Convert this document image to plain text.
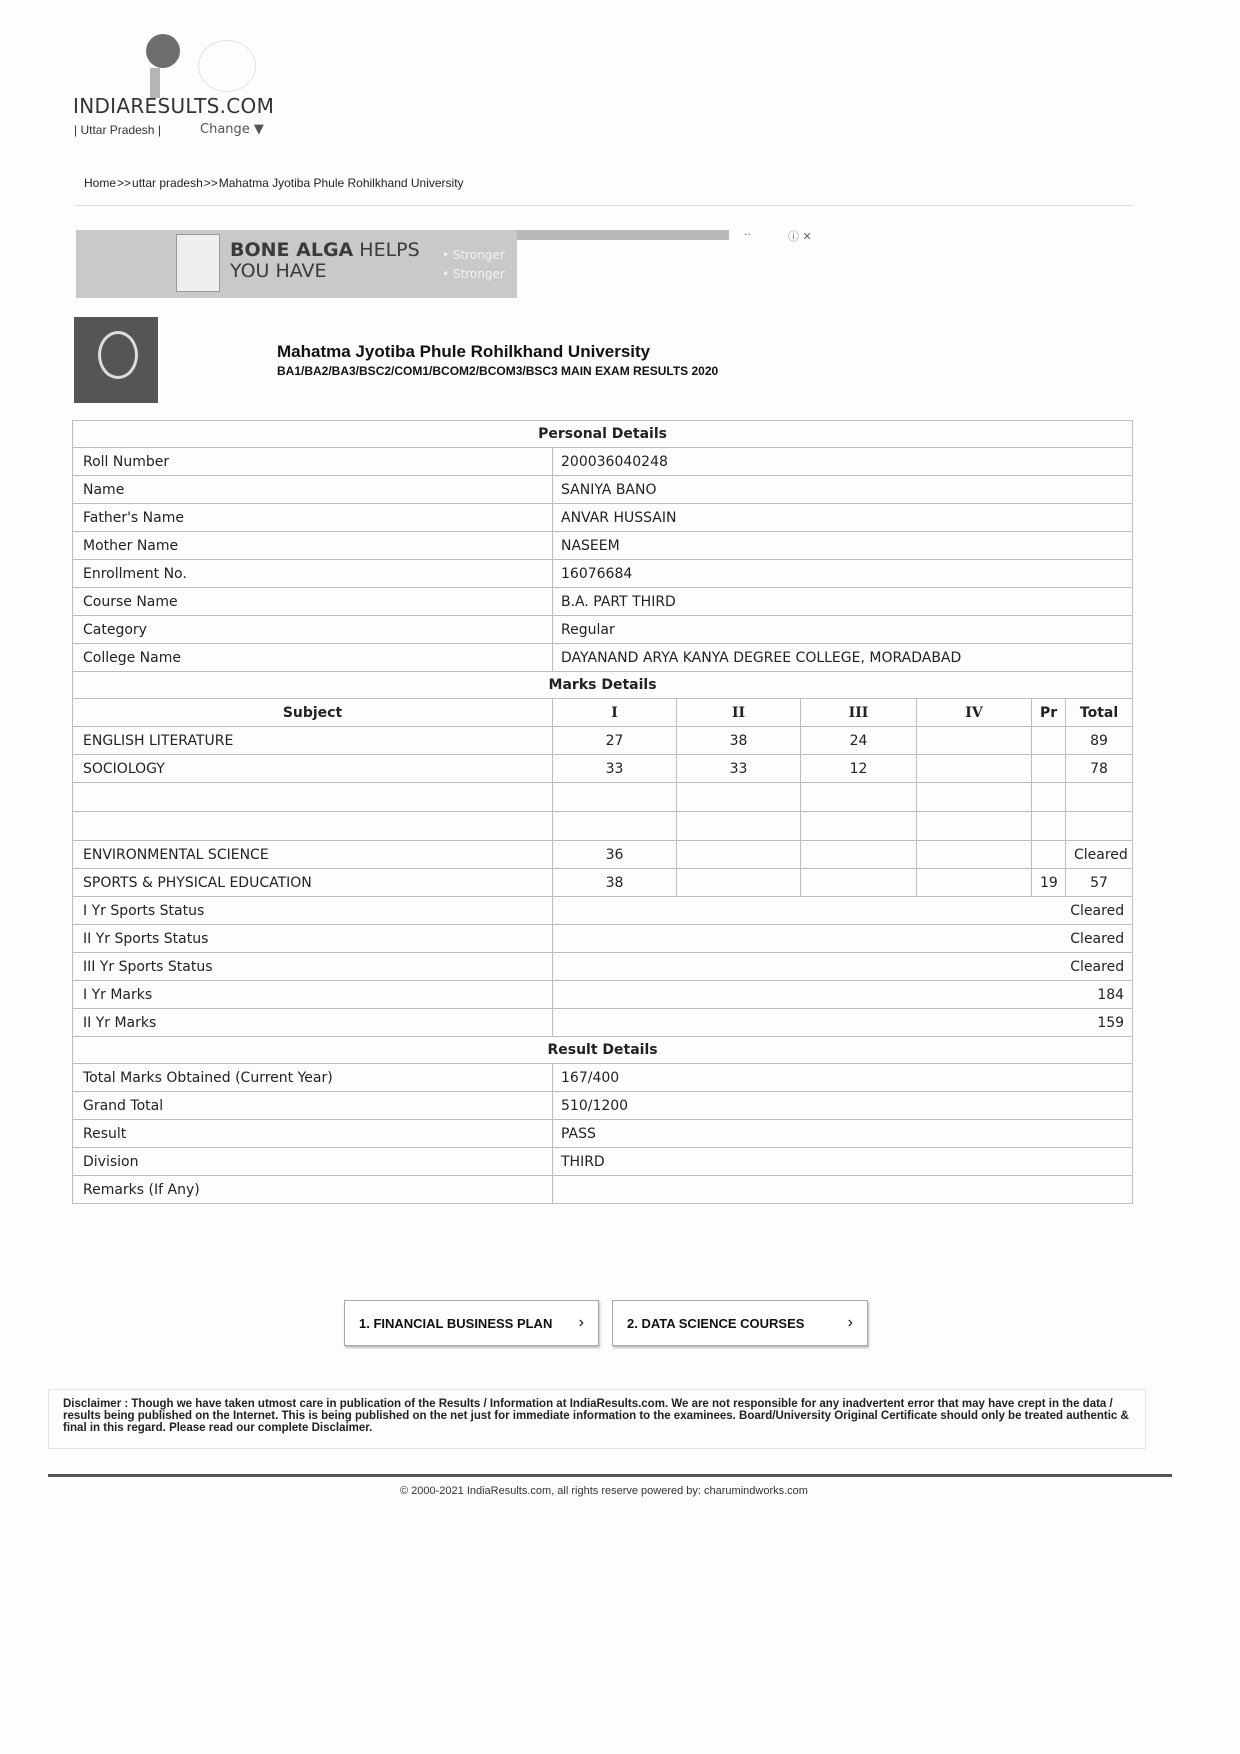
INDIARESULTS.COM
| Uttar Pradesh |	Change ▼
Home>>uttar pradesh>>Mahatma Jyotiba Phule Rohilkhand University
BONE ALGA HELPS
YOU HAVE
• Stronger
• Stronger
··	ⓘ ✕
Mahatma Jyotiba Phule Rohilkhand University
BA1/BA2/BA3/BSC2/COM1/BCOM2/BCOM3/BSC3 MAIN EXAM RESULTS 2020
Personal Details						
Roll Number	200036040248					
Name	SANIYA BANO					
Father's Name	ANVAR HUSSAIN					
Mother Name	NASEEM					
Enrollment No.	16076684					
Course Name	B.A. PART THIRD					
Category	Regular					
College Name	DAYANAND ARYA KANYA DEGREE COLLEGE, MORADABAD					
Marks Details						
Subject	I	II	III	IV	Pr	Total
ENGLISH LITERATURE	27	38	24			89
SOCIOLOGY	33	33	12			78

ENVIRONMENTAL SCIENCE	36					Cleared
SPORTS & PHYSICAL EDUCATION	38				19	57
I Yr Sports Status	Cleared					
II Yr Sports Status	Cleared					
III Yr Sports Status	Cleared					
I Yr Marks	184					
II Yr Marks	159					
Result Details						
Total Marks Obtained (Current Year)	167/400					
Grand Total	510/1200					
Result	PASS					
Division	THIRD					
Remarks (If Any)						
1. FINANCIAL BUSINESS PLAN ›	2. DATA SCIENCE COURSES	›
Disclaimer : Though we have taken utmost care in publication of the Results / Information at IndiaResults.com. We are not responsible for any inadvertent error that may have crept in the data / results being published on the Internet. This is being published on the net just for immediate information to the examinees. Board/University Original Certificate should only be treated authentic & final in this regard. Please read our complete Disclaimer.
© 2000-2021 IndiaResults.com, all rights reserve powered by: charumindworks.com
